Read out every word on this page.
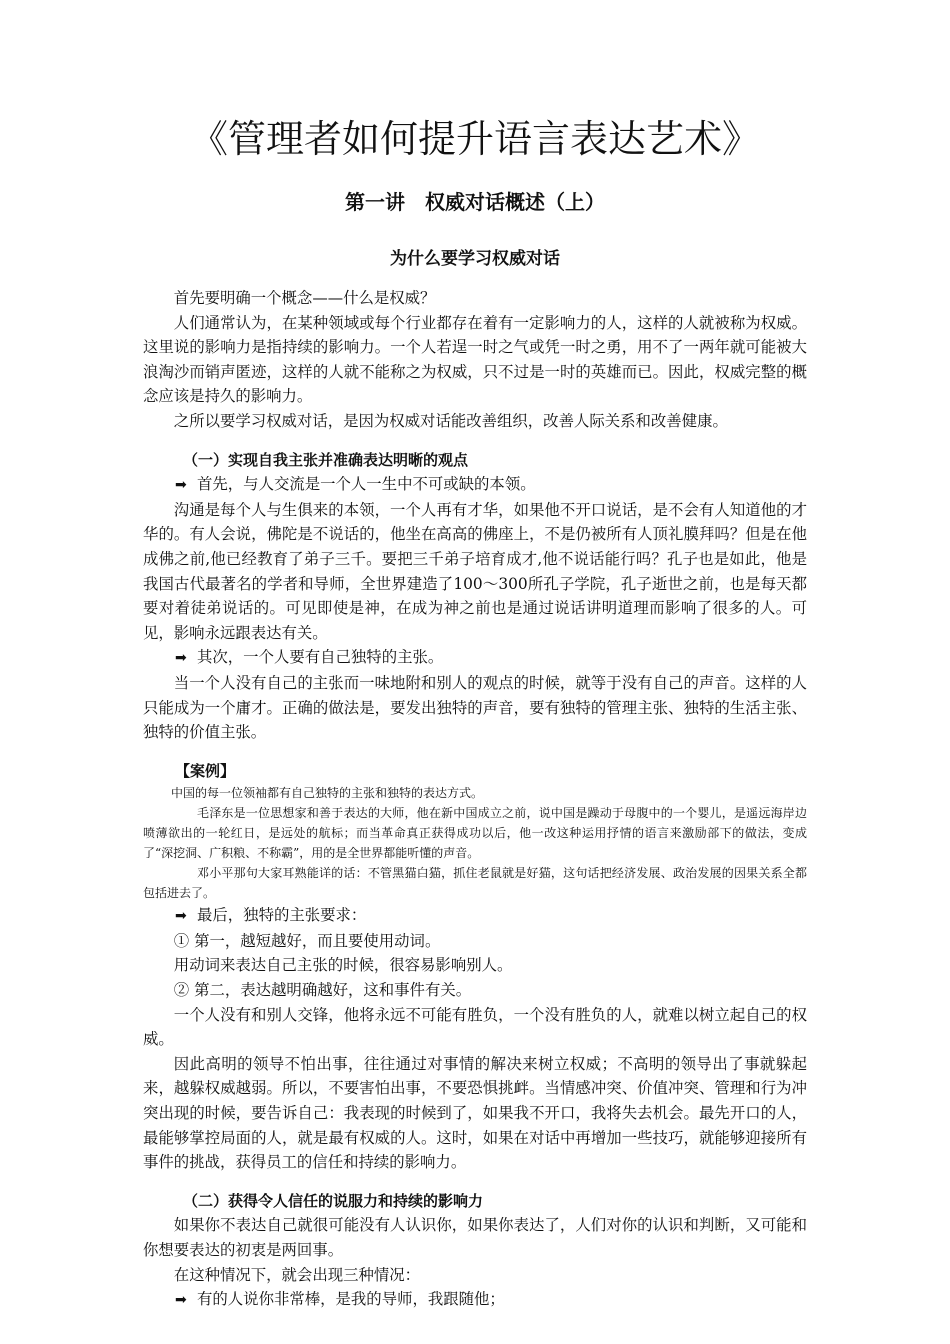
《管理者如何提升语言表达艺术》
第一讲　权威对话概述（上）
为什么要学习权威对话

首先要明确一个概念——什么是权威？

人们通常认为，在某种领域或每个行业都存在着有一定影响力的人，这样的人就被称为权威。这里说的影响力是指持续的影响力。一个人若逞一时之气或凭一时之勇，用不了一两年就可能被大浪淘沙而销声匿迹，这样的人就不能称之为权威，只不过是一时的英雄而已。因此，权威完整的概念应该是持久的影响力。

之所以要学习权威对话，是因为权威对话能改善组织，改善人际关系和改善健康。

（一）实现自我主张并准确表达明晰的观点

➡ 首先，与人交流是一个人一生中不可或缺的本领。

沟通是每个人与生俱来的本领，一个人再有才华，如果他不开口说话，是不会有人知道他的才华的。有人会说，佛陀是不说话的，他坐在高高的佛座上，不是仍被所有人顶礼膜拜吗？但是在他成佛之前,他已经教育了弟子三千。要把三千弟子培育成才,他不说话能行吗？孔子也是如此，他是我国古代最著名的学者和导师，全世界建造了100～300所孔子学院，孔子逝世之前，也是每天都要对着徒弟说话的。可见即使是神，在成为神之前也是通过说话讲明道理而影响了很多的人。可见，影响永远跟表达有关。

➡ 其次，一个人要有自己独特的主张。

当一个人没有自己的主张而一味地附和别人的观点的时候，就等于没有自己的声音。这样的人只能成为一个庸才。正确的做法是，要发出独特的声音，要有独特的管理主张、独特的生活主张、独特的价值主张。

【案例】

中国的每一位领袖都有自己独特的主张和独特的表达方式。

毛泽东是一位思想家和善于表达的大师，他在新中国成立之前，说中国是躁动于母腹中的一个婴儿，是遥远海岸边喷薄欲出的一轮红日，是远处的航标；而当革命真正获得成功以后，他一改这种运用抒情的语言来激励部下的做法，变成了“深挖洞、广积粮、不称霸”，用的是全世界都能听懂的声音。

邓小平那句大家耳熟能详的话：不管黑猫白猫，抓住老鼠就是好猫，这句话把经济发展、政治发展的因果关系全都包括进去了。

➡ 最后，独特的主张要求：

① 第一，越短越好，而且要使用动词。

用动词来表达自己主张的时候，很容易影响别人。

② 第二，表达越明确越好，这和事件有关。

一个人没有和别人交锋，他将永远不可能有胜负，一个没有胜负的人，就难以树立起自己的权威。

因此高明的领导不怕出事，往往通过对事情的解决来树立权威；不高明的领导出了事就躲起来，越躲权威越弱。所以，不要害怕出事，不要恐惧挑衅。当情感冲突、价值冲突、管理和行为冲突出现的时候，要告诉自己：我表现的时候到了，如果我不开口，我将失去机会。最先开口的人，最能够掌控局面的人，就是最有权威的人。这时，如果在对话中再增加一些技巧，就能够迎接所有事件的挑战，获得员工的信任和持续的影响力。

（二）获得令人信任的说服力和持续的影响力

如果你不表达自己就很可能没有人认识你，如果你表达了，人们对你的认识和判断，又可能和你想要表达的初衷是两回事。

在这种情况下，就会出现三种情况：

➡ 有的人说你非常棒，是我的导师，我跟随他；
